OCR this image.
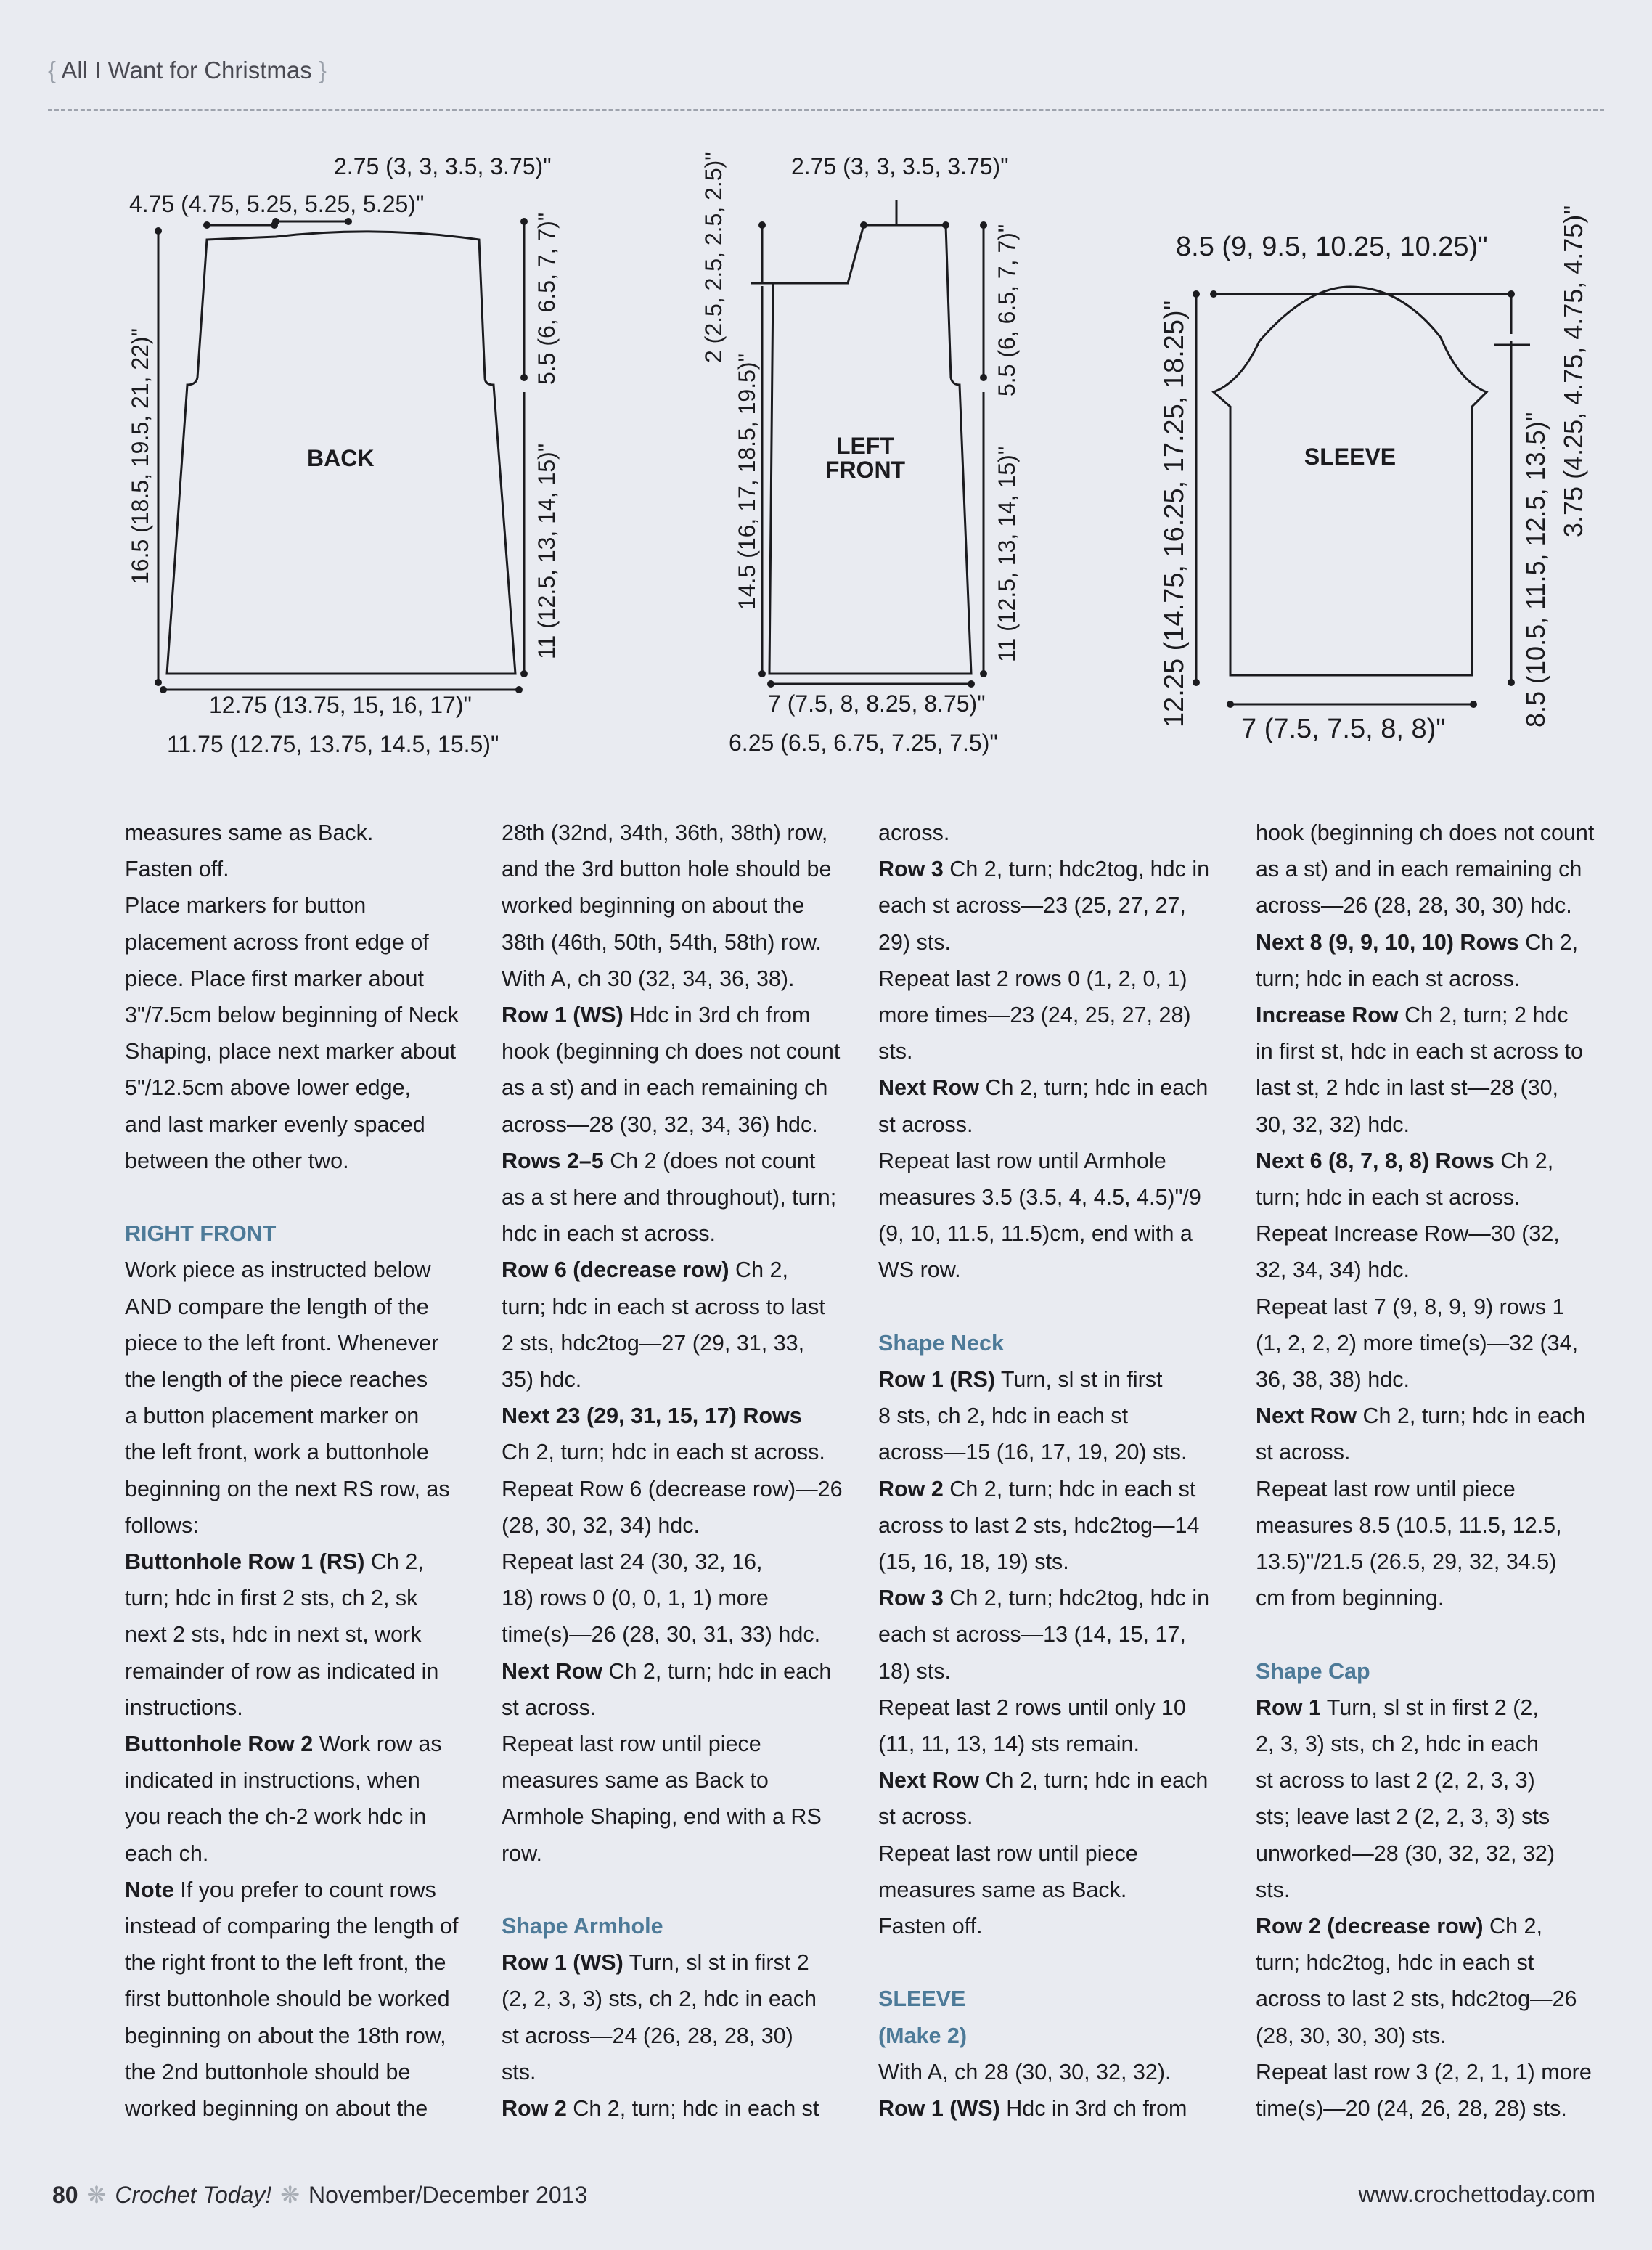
{ All I Want for Christmas }
2.75 (3, 3, 3.5, 3.75)"
4.75 (4.75, 5.25, 5.25, 5.25)"
12.75 (13.75, 15, 16, 17)"
11.75 (12.75, 13.75, 14.5, 15.5)"
16.5 (18.5, 19.5, 21, 22)"
5.5 (6, 6.5, 7, 7)"
11 (12.5, 13, 14, 15)"
BACK
2.75 (3, 3, 3.5, 3.75)"
2 (2.5, 2.5, 2.5, 2.5)"
14.5 (16, 17, 18.5, 19.5)"
5.5 (6, 6.5, 7, 7)"
11 (12.5, 13, 14, 15)"
7 (7.5, 8, 8.25, 8.75)"
6.25 (6.5, 6.75, 7.25, 7.5)"
LEFT
FRONT
8.5 (9, 9.5, 10.25, 10.25)"
12.25 (14.75, 16.25, 17.25, 18.25)"	3.75 (4.25, 4.75, 4.75, 4.75)"
8.5 (10.5, 11.5, 12.5, 13.5)"
7 (7.5, 7.5, 8, 8)"
SLEEVE

measures same as Back.

Fasten off.

Place markers for button

placement across front edge of

piece. Place first marker about

3"/7.5cm below beginning of Neck

Shaping, place next marker about

5"/12.5cm above lower edge,

and last marker evenly spaced

between the other two.

RIGHT FRONT

Work piece as instructed below

AND compare the length of the

piece to the left front. Whenever

the length of the piece reaches

a button placement marker on

the left front, work a buttonhole

beginning on the next RS row, as

follows:

Buttonhole Row 1 (RS) Ch 2,

turn; hdc in first 2 sts, ch 2, sk

next 2 sts, hdc in next st, work

remainder of row as indicated in

instructions.

Buttonhole Row 2 Work row as

indicated in instructions, when

you reach the ch-2 work hdc in

each ch.

Note If you prefer to count rows

instead of comparing the length of

the right front to the left front, the

first buttonhole should be worked

beginning on about the 18th row,

the 2nd buttonhole should be

worked beginning on about the

28th (32nd, 34th, 36th, 38th) row,

and the 3rd button hole should be

worked beginning on about the

38th (46th, 50th, 54th, 58th) row.

With A, ch 30 (32, 34, 36, 38).

Row 1 (WS) Hdc in 3rd ch from

hook (beginning ch does not count

as a st) and in each remaining ch

across—28 (30, 32, 34, 36) hdc.

Rows 2–5 Ch 2 (does not count

as a st here and throughout), turn;

hdc in each st across.

Row 6 (decrease row) Ch 2,

turn; hdc in each st across to last

2 sts, hdc2tog—27 (29, 31, 33,

35) hdc.

Next 23 (29, 31, 15, 17) Rows

Ch 2, turn; hdc in each st across.

Repeat Row 6 (decrease row)—26

(28, 30, 32, 34) hdc.

Repeat last 24 (30, 32, 16,

18) rows 0 (0, 0, 1, 1) more

time(s)—26 (28, 30, 31, 33) hdc.

Next Row Ch 2, turn; hdc in each

st across.

Repeat last row until piece

measures same as Back to

Armhole Shaping, end with a RS

row.

Shape Armhole

Row 1 (WS) Turn, sl st in first 2

(2, 2, 3, 3) sts, ch 2, hdc in each

st across—24 (26, 28, 28, 30)

sts.

Row 2 Ch 2, turn; hdc in each st

across.

Row 3 Ch 2, turn; hdc2tog, hdc in

each st across—23 (25, 27, 27,

29) sts.

Repeat last 2 rows 0 (1, 2, 0, 1)

more times—23 (24, 25, 27, 28)

sts.

Next Row Ch 2, turn; hdc in each

st across.

Repeat last row until Armhole

measures 3.5 (3.5, 4, 4.5, 4.5)"/9

(9, 10, 11.5, 11.5)cm, end with a

WS row.

Shape Neck

Row 1 (RS) Turn, sl st in first

8 sts, ch 2, hdc in each st

across—15 (16, 17, 19, 20) sts.

Row 2 Ch 2, turn; hdc in each st

across to last 2 sts, hdc2tog—14

(15, 16, 18, 19) sts.

Row 3 Ch 2, turn; hdc2tog, hdc in

each st across—13 (14, 15, 17,

18) sts.

Repeat last 2 rows until only 10

(11, 11, 13, 14) sts remain.

Next Row Ch 2, turn; hdc in each

st across.

Repeat last row until piece

measures same as Back.

Fasten off.

SLEEVE

(Make 2)

With A, ch 28 (30, 30, 32, 32).

Row 1 (WS) Hdc in 3rd ch from

hook (beginning ch does not count

as a st) and in each remaining ch

across—26 (28, 28, 30, 30) hdc.

Next 8 (9, 9, 10, 10) Rows Ch 2,

turn; hdc in each st across.

Increase Row Ch 2, turn; 2 hdc

in first st, hdc in each st across to

last st, 2 hdc in last st—28 (30,

30, 32, 32) hdc.

Next 6 (8, 7, 8, 8) Rows Ch 2,

turn; hdc in each st across.

Repeat Increase Row—30 (32,

32, 34, 34) hdc.

Repeat last 7 (9, 8, 9, 9) rows 1

(1, 2, 2, 2) more time(s)—32 (34,

36, 38, 38) hdc.

Next Row Ch 2, turn; hdc in each

st across.

Repeat last row until piece

measures 8.5 (10.5, 11.5, 12.5,

13.5)"/21.5 (26.5, 29, 32, 34.5)

cm from beginning.

Shape Cap

Row 1 Turn, sl st in first 2 (2,

2, 3, 3) sts, ch 2, hdc in each

st across to last 2 (2, 2, 3, 3)

sts; leave last 2 (2, 2, 3, 3) sts

unworked—28 (30, 32, 32, 32)

sts.

Row 2 (decrease row) Ch 2,

turn; hdc2tog, hdc in each st

across to last 2 sts, hdc2tog—26

(28, 30, 30, 30) sts.

Repeat last row 3 (2, 2, 1, 1) more

time(s)—20 (24, 26, 28, 28) sts.

80 ❋ Crochet Today! ❋ November/December 2013	www.crochettoday.com
